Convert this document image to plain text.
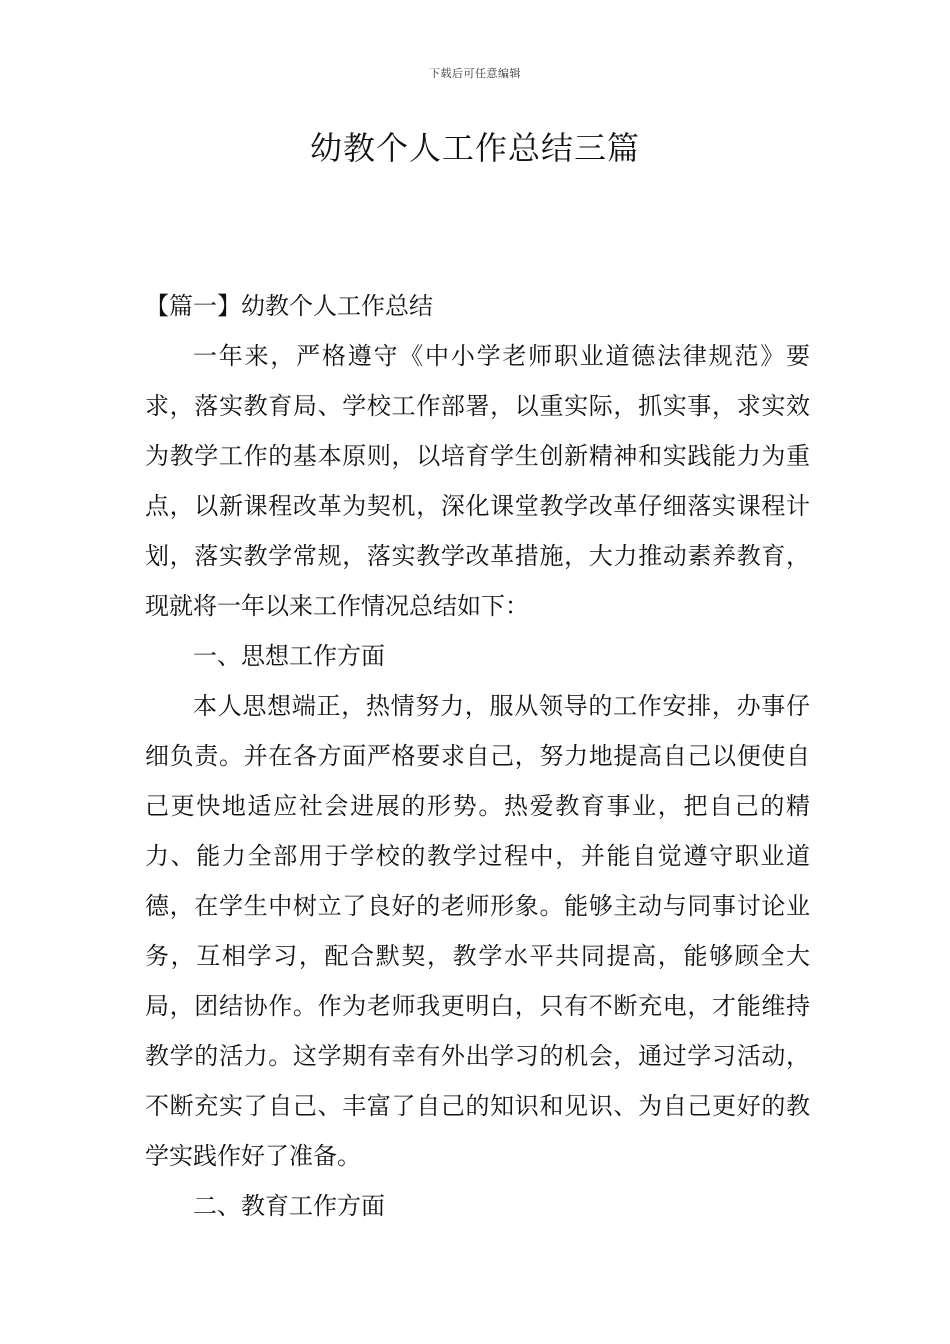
下载后可任意编辑
幼教个人工作总结三篇

【篇一】幼教个人工作总结

一年来，严格遵守《中小学老师职业道德法律规范》要求，落实教育局、学校工作部署，以重实际，抓实事，求实效为教学工作的基本原则，以培育学生创新精神和实践能力为重点，以新课程改革为契机，深化课堂教学改革仔细落实课程计划，落实教学常规，落实教学改革措施，大力推动素养教育，现就将一年以来工作情况总结如下：

一、思想工作方面

本人思想端正，热情努力，服从领导的工作安排，办事仔细负责。并在各方面严格要求自己，努力地提高自己以便使自己更快地适应社会进展的形势。热爱教育事业，把自己的精力、能力全部用于学校的教学过程中，并能自觉遵守职业道德，在学生中树立了良好的老师形象。能够主动与同事讨论业务，互相学习，配合默契，教学水平共同提高，能够顾全大局，团结协作。作为老师我更明白，只有不断充电，才能维持教学的活力。这学期有幸有外出学习的机会，通过学习活动，不断充实了自己、丰富了自己的知识和见识、为自己更好的教学实践作好了准备。

二、教育工作方面
